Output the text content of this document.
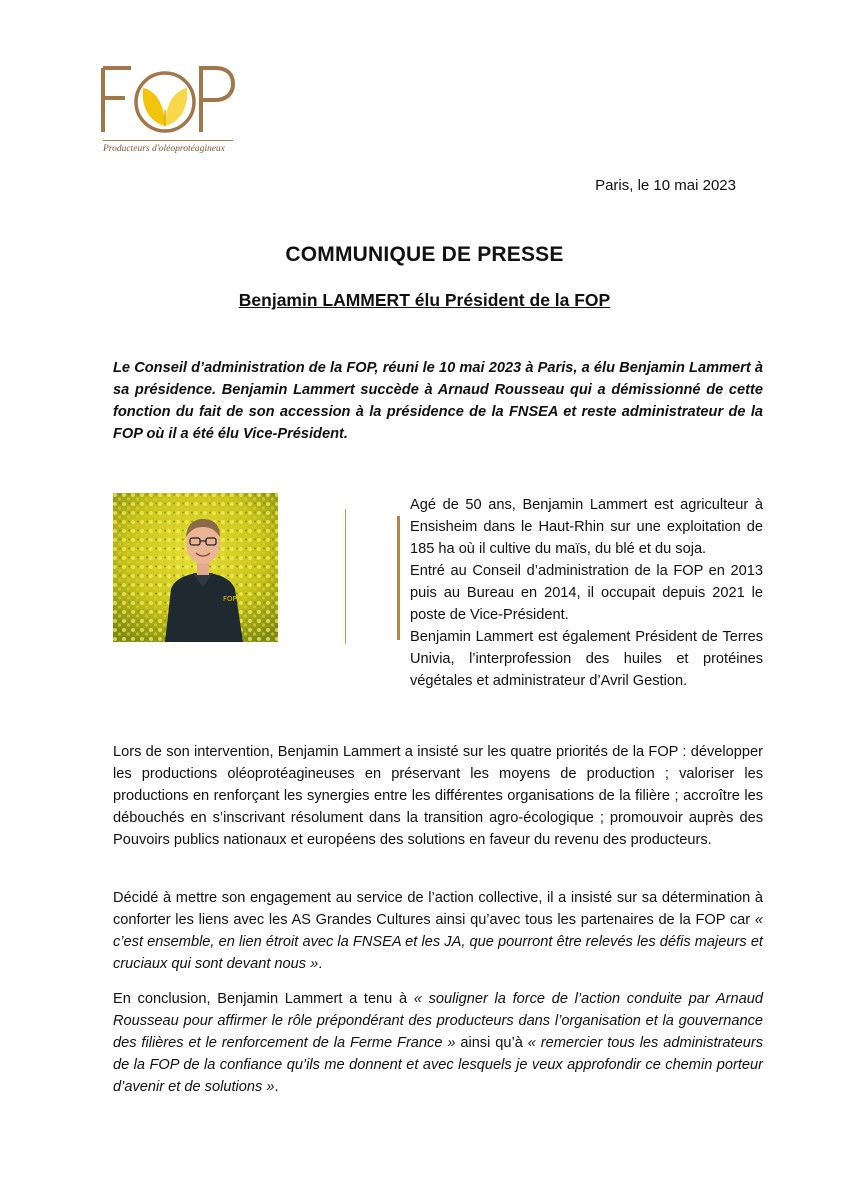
Producteurs d'oléoprotéagineux
Paris, le 10 mai 2023
COMMUNIQUE DE PRESSE
Benjamin LAMMERT élu Président de la FOP

Le Conseil d’administration de la FOP, réuni le 10 mai 2023 à Paris, a élu Benjamin Lammert à sa présidence. Benjamin Lammert succède à Arnaud Rousseau qui a démissionné de cette fonction du fait de son accession à la présidence de la FNSEA et reste administrateur de la FOP où il a été élu Vice-Président.

FOP
Agé de 50 ans, Benjamin Lammert est agriculteur à Ensisheim dans le Haut-Rhin sur une exploitation de 185 ha où il cultive du maïs, du blé et du soja.
Entré au Conseil d’administration de la FOP en 2013 puis au Bureau en 2014, il occupait depuis 2021 le poste de Vice-Président.
Benjamin Lammert est également Président de Terres Univia, l’interprofession des huiles et protéines végétales et administrateur d’Avril Gestion.

Lors de son intervention, Benjamin Lammert a insisté sur les quatre priorités de la FOP : développer les productions oléoprotéagineuses en préservant les moyens de production ; valoriser les productions en renforçant les synergies entre les différentes organisations de la filière ; accroître les débouchés en s’inscrivant résolument dans la transition agro-écologique ; promouvoir auprès des Pouvoirs publics nationaux et européens des solutions en faveur du revenu des producteurs.

Décidé à mettre son engagement au service de l’action collective, il a insisté sur sa détermination à conforter les liens avec les AS Grandes Cultures ainsi qu’avec tous les partenaires de la FOP car « c’est ensemble, en lien étroit avec la FNSEA et les JA, que pourront être relevés les défis majeurs et cruciaux qui sont devant nous ».

En conclusion, Benjamin Lammert a tenu à « souligner la force de l’action conduite par Arnaud Rousseau pour affirmer le rôle prépondérant des producteurs dans l’organisation et la gouvernance des filières et le renforcement de la Ferme France » ainsi qu’à « remercier tous les administrateurs de la FOP de la confiance qu’ils me donnent et avec lesquels je veux approfondir ce chemin porteur d’avenir et de solutions ».
